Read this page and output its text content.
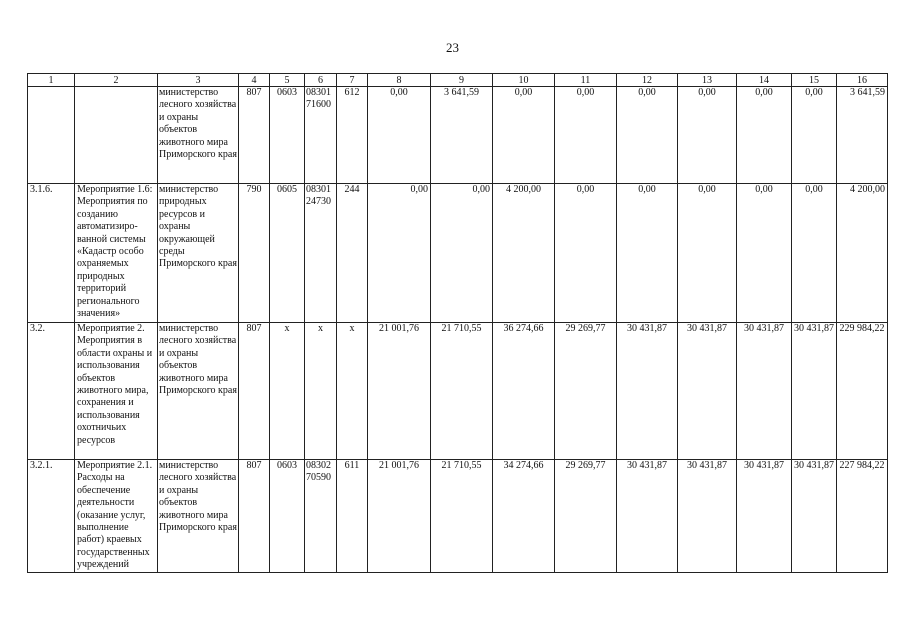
23
1	2	3	4	5	6	7	8	9	10	11	12	13	14	15	16
		министерство лесного хозяйства и охраны объектов животного мира Приморского края	807	0603	08301 71600	612	0,00	3 641,59	0,00	0,00	0,00	0,00	0,00	0,00	3 641,59
3.1.6.	Мероприятие 1.6: Мероприятия по созданию автоматизиро-ванной системы «Кадастр особо охраняемых природных территорий регионального значения»	министерство природных ресурсов и охраны окружающей среды Приморского края	790	0605	08301 24730	244	0,00	0,00	4 200,00	0,00	0,00	0,00	0,00	0,00	4 200,00
3.2.	Мероприятие 2. Мероприятия в области охраны и использования объектов животного мира, сохранения и использования охотничьих ресурсов	министерство лесного хозяйства и охраны объектов животного мира Приморского края	807	x	x	x	21 001,76	21 710,55	36 274,66	29 269,77	30 431,87	30 431,87	30 431,87	30 431,87	229 984,22
3.2.1.	Мероприятие 2.1. Расходы на обеспечение деятельности (оказание услуг, выполнение работ) краевых государственных учреждений	министерство лесного хозяйства и охраны объектов животного мира Приморского края	807	0603	08302 70590	611	21 001,76	21 710,55	34 274,66	29 269,77	30 431,87	30 431,87	30 431,87	30 431,87	227 984,22
